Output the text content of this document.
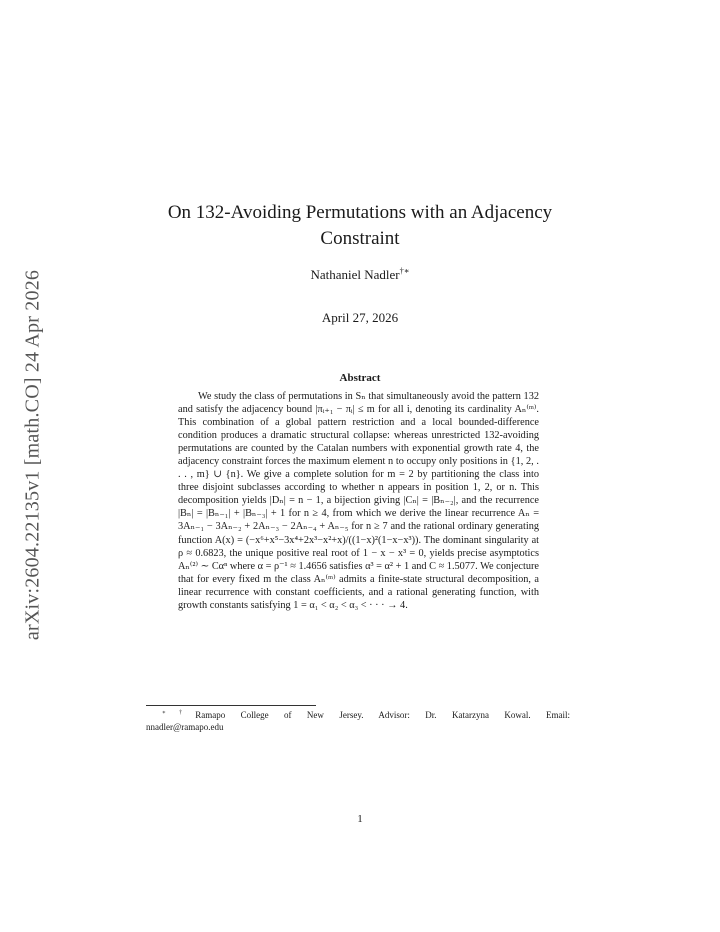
arXiv:2604.22135v1 [math.CO] 24 Apr 2026
On 132-Avoiding Permutations with an Adjacency Constraint
Nathaniel Nadler†∗
April 27, 2026
Abstract

We study the class of permutations in Sₙ that simultaneously avoid the pattern 132 and satisfy the adjacency bound |πᵢ₊₁ − πᵢ| ≤ m for all i, denoting its cardinality Aₙ⁽ᵐ⁾. This combination of a global pattern restriction and a local bounded-difference condition produces a dramatic structural collapse: whereas unrestricted 132-avoiding permutations are counted by the Catalan numbers with exponential growth rate 4, the adjacency constraint forces the maximum element n to occupy only positions in {1, 2, . . . , m} ∪ {n}. We give a complete solution for m = 2 by partitioning the class into three disjoint subclasses according to whether n appears in position 1, 2, or n. This decomposition yields |Dₙ| = n − 1, a bijection giving |Cₙ| = |Bₙ₋₂|, and the recurrence |Bₙ| = |Bₙ₋₁| + |Bₙ₋₃| + 1 for n ≥ 4, from which we derive the linear recurrence Aₙ = 3Aₙ₋₁ − 3Aₙ₋₂ + 2Aₙ₋₃ − 2Aₙ₋₄ + Aₙ₋₅ for n ≥ 7 and the rational ordinary generating function A(x) = (−x⁶+x⁵−3x⁴+2x³−x²+x)/((1−x)²(1−x−x³)). The dominant singularity at ρ ≈ 0.6823, the unique positive real root of 1 − x − x³ = 0, yields precise asymptotics Aₙ⁽²⁾ ∼ Cαⁿ where α = ρ⁻¹ ≈ 1.4656 satisfies α³ = α² + 1 and C ≈ 1.5077. We conjecture that for every fixed m the class Aₙ⁽ᵐ⁾ admits a finite-state structural decomposition, a linear recurrence with constant coefficients, and a rational generating function, with growth constants satisfying 1 = α₁ < α₂ < α₃ < · · · → 4.

∗†Ramapo College of New Jersey. Advisor: Dr. Katarzyna Kowal. Email:
nnadler@ramapo.edu

1
